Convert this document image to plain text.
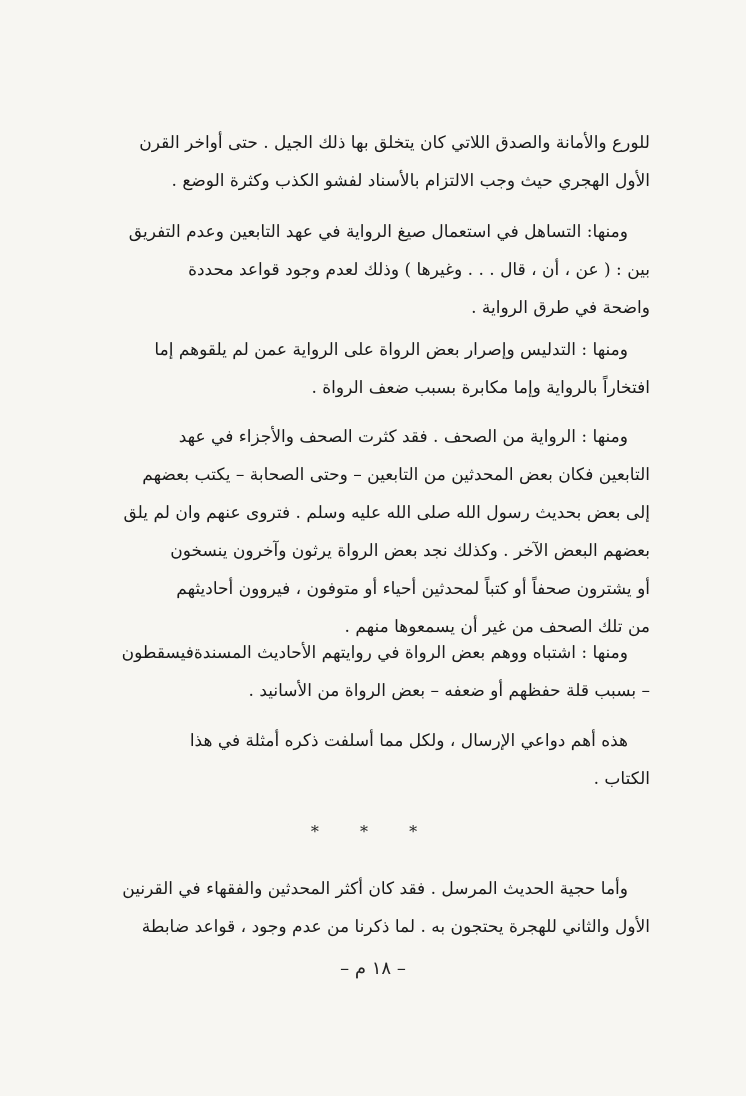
للورع والأمانة والصدق اللاتي كان يتخلق بها ذلك الجيل . حتى أواخر القرن
الأول الهجري حيث وجب الالتزام بالأسناد لفشو الكذب وكثرة الوضع .
ومنها: التساهل في استعمال صيغ الرواية في عهد التابعين وعدم التفريق
بين : ( عن ، أن ، قال . . . وغيرها ) وذلك لعدم وجود قواعد محددة
واضحة في طرق الرواية .
ومنها : التدليس وإصرار بعض الرواة على الرواية عمن لم يلقوهم إما
افتخاراً بالرواية وإما مكابرة بسبب ضعف الرواة .
ومنها : الرواية من الصحف . فقد كثرت الصحف والأجزاء في عهد
التابعين فكان بعض المحدثين من التابعين – وحتى الصحابة – يكتب بعضهم
إلى بعض بحديث رسول الله صلى الله عليه وسلم . فتروى عنهم وان لم يلق
بعضهم البعض الآخر . وكذلك نجد بعض الرواة يرثون وآخرون ينسخون
أو يشترون صحفاً أو كتباً لمحدثين أحياء أو متوفون ، فيروون أحاديثهم
من تلك الصحف من غير أن يسمعوها منهم .
ومنها : اشتباه ووهم بعض الرواة في روايتهم الأحاديث المسندةفيسقطون
– بسبب قلة حفظهم أو ضعفه – بعض الرواة من الأسانيد .
هذه أهم دواعي الإرسال ، ولكل مما أسلفت ذكره أمثلة في هذا
الكتاب .
* * *
وأما حجية الحديث المرسل . فقد كان أكثر المحدثين والفقهاء في القرنين
الأول والثاني للهجرة يحتجون به . لما ذكرنا من عدم وجود ، قواعد ضابطة
– ١٨ م –
